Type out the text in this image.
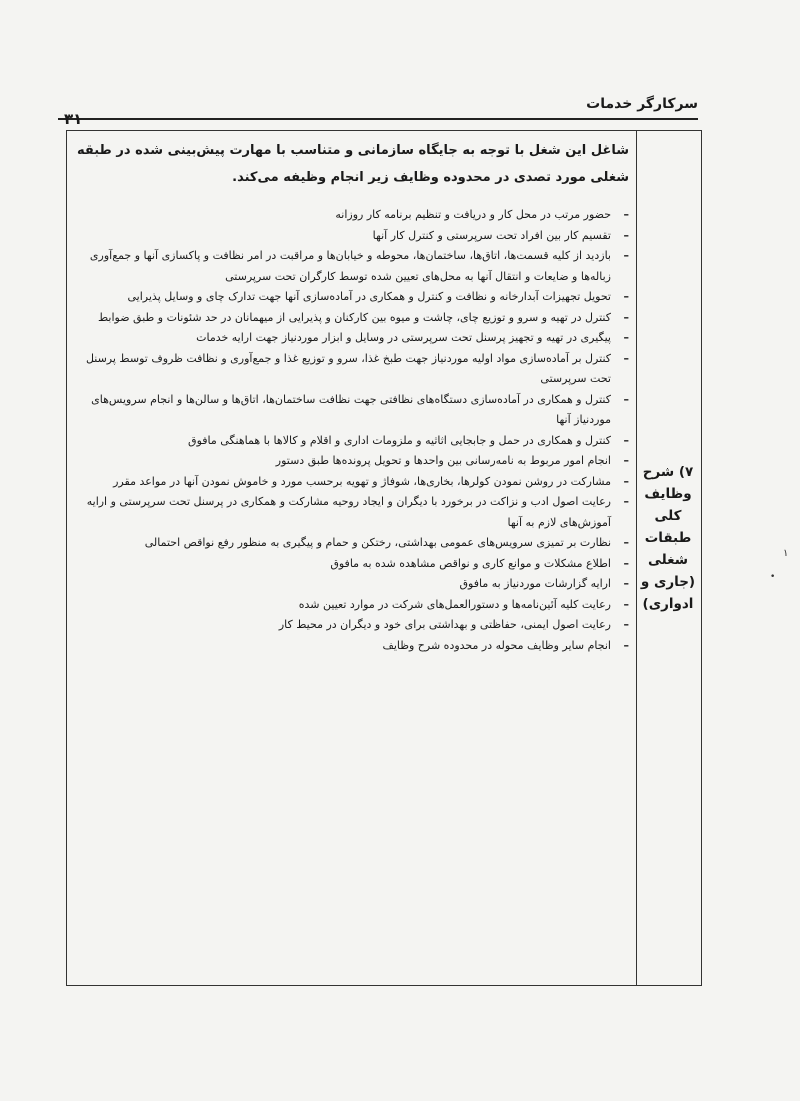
سرکارگر خدمات
۳۱
۷) شرح
وظایف
کلی
طبقات
شغلی
(جاری و
ادواری)
شاغل این شغل با توجه به جایگاه سازمانی و متناسب با مهارت پیش‌بینی شده در طبقه شغلی مورد تصدی در محدوده وظایف زیر انجام وظیفه می‌کند.
–
حضور مرتب در محل کار و دریافت و تنظیم برنامه کار روزانه
–
تقسیم کار بین افراد تحت سرپرستی و کنترل کار آنها
–
بازدید از کلیه قسمت‌ها، اتاق‌ها، ساختمان‌ها، محوطه و خیابان‌ها و مراقبت در امر نظافت و پاکسازی آنها و جمع‌آوری زباله‌ها و ضایعات و انتقال آنها به محل‌های تعیین شده توسط کارگران تحت سرپرستی
–
تحویل تجهیزات آبدارخانه و نظافت و کنترل و همکاری در آماده‌سازی آنها جهت تدارک چای و وسایل پذیرایی
–
کنترل در تهیه و سرو و توزیع چای، چاشت و میوه بین کارکنان و پذیرایی از میهمانان در حد شئونات و طبق ضوابط
–
پیگیری در تهیه و تجهیز پرسنل تحت سرپرستی در وسایل و ابزار موردنیاز جهت ارایه خدمات
–
کنترل بر آماده‌سازی مواد اولیه موردنیاز جهت طبخ غذا، سرو و توزیع غذا و جمع‌آوری و نظافت ظروف توسط پرسنل تحت سرپرستی
–
کنترل و همکاری در آماده‌سازی دستگاه‌های نظافتی جهت نظافت ساختمان‌ها، اتاق‌ها و سالن‌ها و انجام سرویس‌های موردنیاز آنها
–
کنترل و همکاری در حمل و جابجایی اثاثیه و ملزومات اداری و اقلام و کالاها با هماهنگی مافوق
–
انجام امور مربوط به نامه‌رسانی بین واحدها و تحویل پرونده‌ها طبق دستور
–
مشارکت در روشن نمودن کولرها، بخاری‌ها، شوفاژ و تهویه برحسب مورد و خاموش نمودن آنها در مواعد مقرر
–
رعایت اصول ادب و نزاکت در برخورد با دیگران و ایجاد روحیه مشارکت و همکاری در پرسنل تحت سرپرستی و ارایه آموزش‌های لازم به آنها
–
نظارت بر تمیزی سرویس‌های عمومی بهداشتی، رختکن و حمام و پیگیری به منظور رفع نواقص احتمالی
–
اطلاع مشکلات و موانع کاری و نواقص مشاهده شده به مافوق
–
ارایه گزارشات موردنیاز به مافوق
–
رعایت کلیه آئین‌نامه‌ها و دستورالعمل‌های شرکت در موارد تعیین شده
–
رعایت اصول ایمنی، حفاظتی و بهداشتی برای خود و دیگران در محیط کار
–
انجام سایر وظایف محوله در محدوده شرح وظایف
١
•
